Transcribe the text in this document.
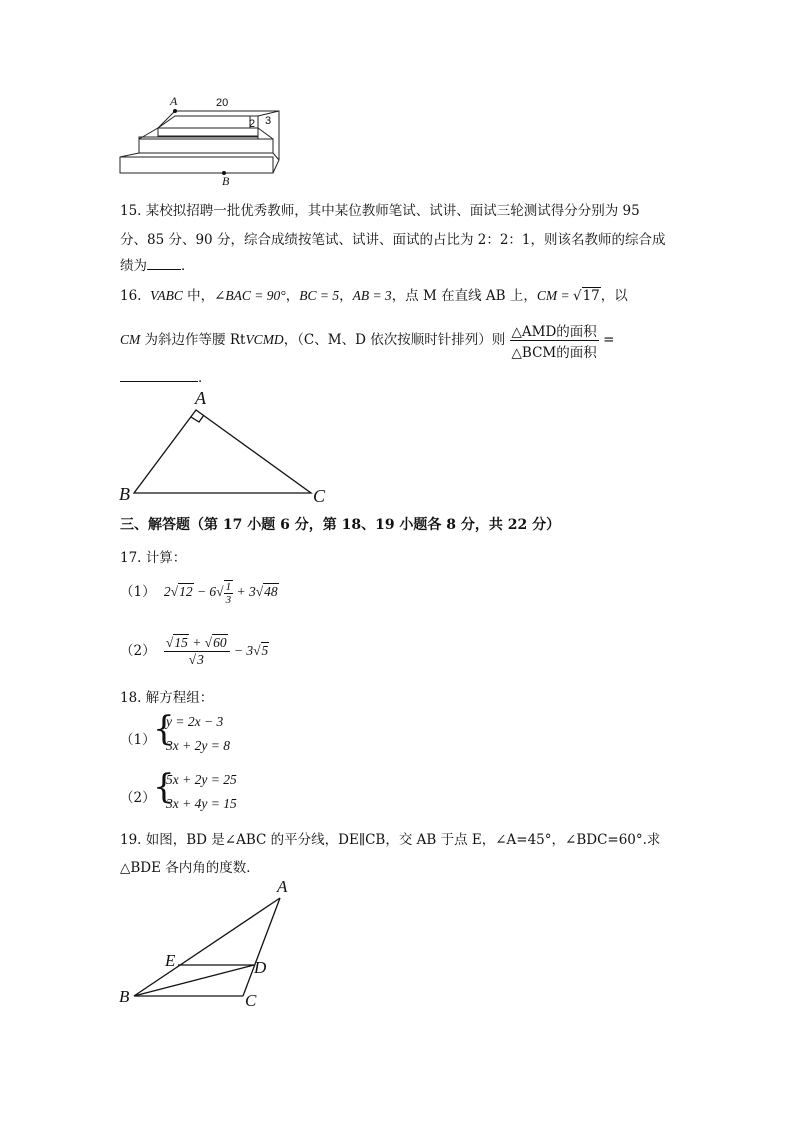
A	20
3
2
B
15. 某校拟招聘一批优秀教师，其中某位教师笔试、试讲、面试三轮测试得分分别为 95
分、85 分、90 分，综合成绩按笔试、试讲、面试的占比为 2：2：1，则该名教师的综合成
绩为	．
16. VABC 中，∠BAC = 90°，BC = 5，AB = 3，点 M 在直线 AB 上，CM = √17，以
CM 为斜边作等腰 RtVCMD，（C、M、D 依次按顺时针排列）则 $\frac{\text{△AMD的面积}}{\text{△BCM的面积}}$ =
．
A
B	C
三、解答题（第 17 小题 6 分，第 18、19 小题各 8 分，共 22 分）
17. 计算：
（1） $2√12 - 6√ \frac{1}{3} + 3√48$
$(2) \frac{√15 + √60}{√3} - 3√5$
18. 解方程组：
（1）
{
y = 2x − 3
3x + 2y = 8
（2）
{
5x + 2y = 25
3x + 4y = 15
19. 如图，BD 是∠ABC 的平分线，DE∥CB，交 AB 于点 E，∠A=45°，∠BDC=60°.求
△BDE 各内角的度数．
A
E	D
B	C
